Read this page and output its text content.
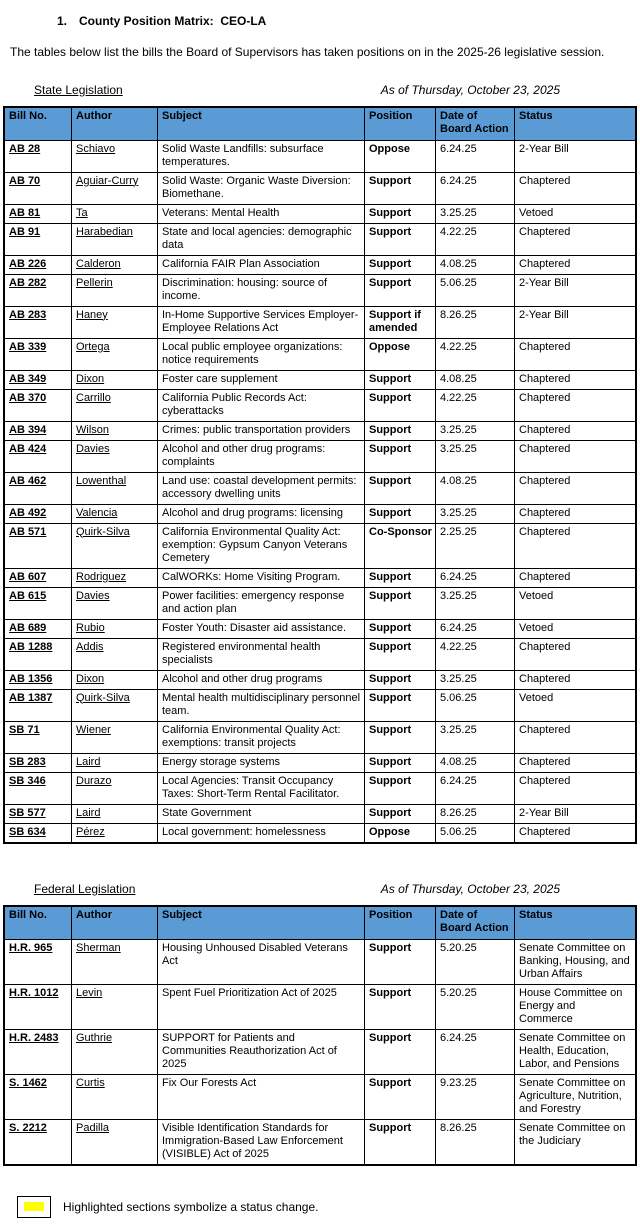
1. County Position Matrix:  CEO-LA

The tables below list the bills the Board of Supervisors has taken positions on in the 2025-26 legislative session.

State Legislation	As of Thursday, October 23, 2025
Bill No.	Author	Subject	Position	Date of Board Action	Status
AB 28	Schiavo	Solid Waste Landfills: subsurface temperatures.	Oppose	6.24.25	2-Year Bill
AB 70	Aguiar-Curry	Solid Waste: Organic Waste Diversion: Biomethane.	Support	6.24.25	Chaptered
AB 81	Ta	Veterans: Mental Health	Support	3.25.25	Vetoed
AB 91	Harabedian	State and local agencies: demographic data	Support	4.22.25	Chaptered
AB 226	Calderon	California FAIR Plan Association	Support	4.08.25	Chaptered
AB 282	Pellerin	Discrimination: housing: source of income.	Support	5.06.25	2-Year Bill
AB 283	Haney	In-Home Supportive Services Employer-Employee Relations Act	Support if amended	8.26.25	2-Year Bill
AB 339	Ortega	Local public employee organizations: notice requirements	Oppose	4.22.25	Chaptered
AB 349	Dixon	Foster care supplement	Support	4.08.25	Chaptered
AB 370	Carrillo	California Public Records Act: cyberattacks	Support	4.22.25	Chaptered
AB 394	Wilson	Crimes: public transportation providers	Support	3.25.25	Chaptered
AB 424	Davies	Alcohol and other drug programs: complaints	Support	3.25.25	Chaptered
AB 462	Lowenthal	Land use: coastal development permits: accessory dwelling units	Support	4.08.25	Chaptered
AB 492	Valencia	Alcohol and drug programs: licensing	Support	3.25.25	Chaptered
AB 571	Quirk-Silva	California Environmental Quality Act: exemption: Gypsum Canyon Veterans Cemetery	Co-Sponsor	2.25.25	Chaptered
AB 607	Rodriguez	CalWORKs: Home Visiting Program.	Support	6.24.25	Chaptered
AB 615	Davies	Power facilities: emergency response and action plan	Support	3.25.25	Vetoed
AB 689	Rubio	Foster Youth: Disaster aid assistance.	Support	6.24.25	Vetoed
AB 1288	Addis	Registered environmental health specialists	Support	4.22.25	Chaptered
AB 1356	Dixon	Alcohol and other drug programs	Support	3.25.25	Chaptered
AB 1387	Quirk-Silva	Mental health multidisciplinary personnel team.	Support	5.06.25	Vetoed
SB 71	Wiener	California Environmental Quality Act: exemptions: transit projects	Support	3.25.25	Chaptered
SB 283	Laird	Energy storage systems	Support	4.08.25	Chaptered
SB 346	Durazo	Local Agencies: Transit Occupancy Taxes: Short-Term Rental Facilitator.	Support	6.24.25	Chaptered
SB 577	Laird	State Government	Support	8.26.25	2-Year Bill
SB 634	Pérez	Local government: homelessness	Oppose	5.06.25	Chaptered
Federal Legislation	As of Thursday, October 23, 2025
Bill No.	Author	Subject	Position	Date of Board Action	Status
H.R. 965	Sherman	Housing Unhoused Disabled Veterans Act	Support	5.20.25	Senate Committee on Banking, Housing, and Urban Affairs
H.R. 1012	Levin	Spent Fuel Prioritization Act of 2025	Support	5.20.25	House Committee on Energy and Commerce
H.R. 2483	Guthrie	SUPPORT for Patients and Communities Reauthorization Act of 2025	Support	6.24.25	Senate Committee on Health, Education, Labor, and Pensions
S. 1462	Curtis	Fix Our Forests Act	Support	9.23.25	Senate Committee on Agriculture, Nutrition, and Forestry
S. 2212	Padilla	Visible Identification Standards for Immigration-Based Law Enforcement (VISIBLE) Act of 2025	Support	8.26.25	Senate Committee on the Judiciary
Highlighted sections symbolize a status change.
